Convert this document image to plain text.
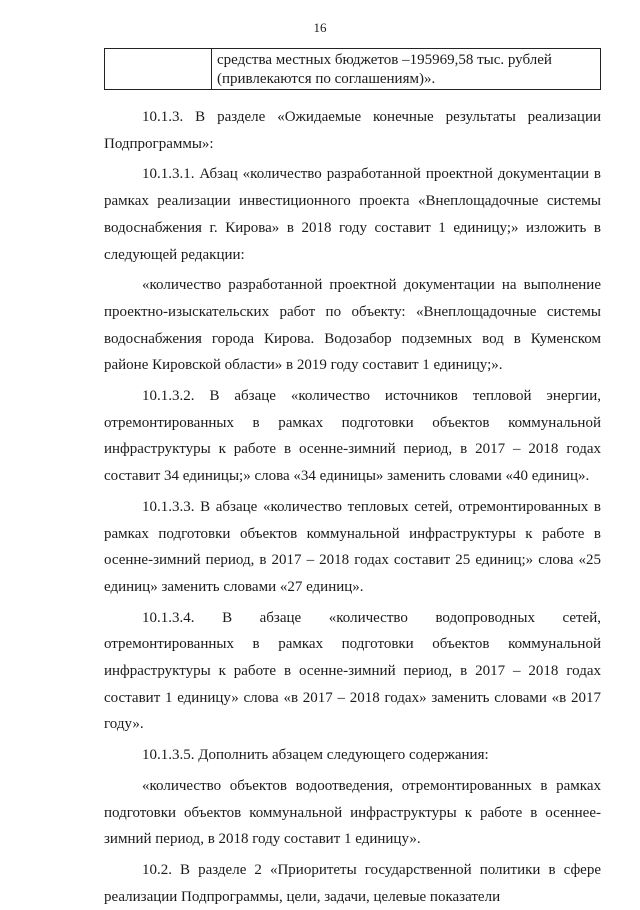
16
средства местных бюджетов –195969,58 тыс. рублей (привлекаются по соглашениям)».

10.1.3. В разделе «Ожидаемые конечные результаты реализации Подпрограммы»:

10.1.3.1. Абзац «количество разработанной проектной документации в рамках реализации инвестиционного проекта «Внеплощадочные системы водоснабжения г. Кирова» в 2018 году составит 1 единицу;» изложить в следующей редакции:

«количество разработанной проектной документации на выполнение проектно-изыскательских работ по объекту: «Внеплощадочные системы водоснабжения города Кирова. Водозабор подземных вод в Куменском районе Кировской области» в 2019 году составит 1 единицу;».

10.1.3.2. В абзаце «количество источников тепловой энергии, отремонтированных в рамках подготовки объектов коммунальной инфраструктуры к работе в осенне-зимний период, в 2017 – 2018 годах составит 34 единицы;» слова «34 единицы» заменить словами «40 единиц».

10.1.3.3. В абзаце «количество тепловых сетей, отремонтированных в рамках подготовки объектов коммунальной инфраструктуры к работе в осенне-зимний период, в 2017 – 2018 годах составит 25 единиц;» слова «25 единиц» заменить словами «27 единиц».

10.1.3.4. В абзаце «количество водопроводных сетей, отремонтированных в рамках подготовки объектов коммунальной инфраструктуры к работе в осенне-зимний период, в 2017 – 2018 годах составит 1 единицу» слова «в 2017 – 2018 годах» заменить словами «в 2017 году».

10.1.3.5. Дополнить абзацем следующего содержания:

«количество объектов водоотведения, отремонтированных в рамках подготовки объектов коммунальной инфраструктуры к работе в осеннее-зимний период, в 2018 году составит 1 единицу».

10.2. В разделе 2 «Приоритеты государственной политики в сфере реализации Подпрограммы, цели, задачи, целевые показатели
